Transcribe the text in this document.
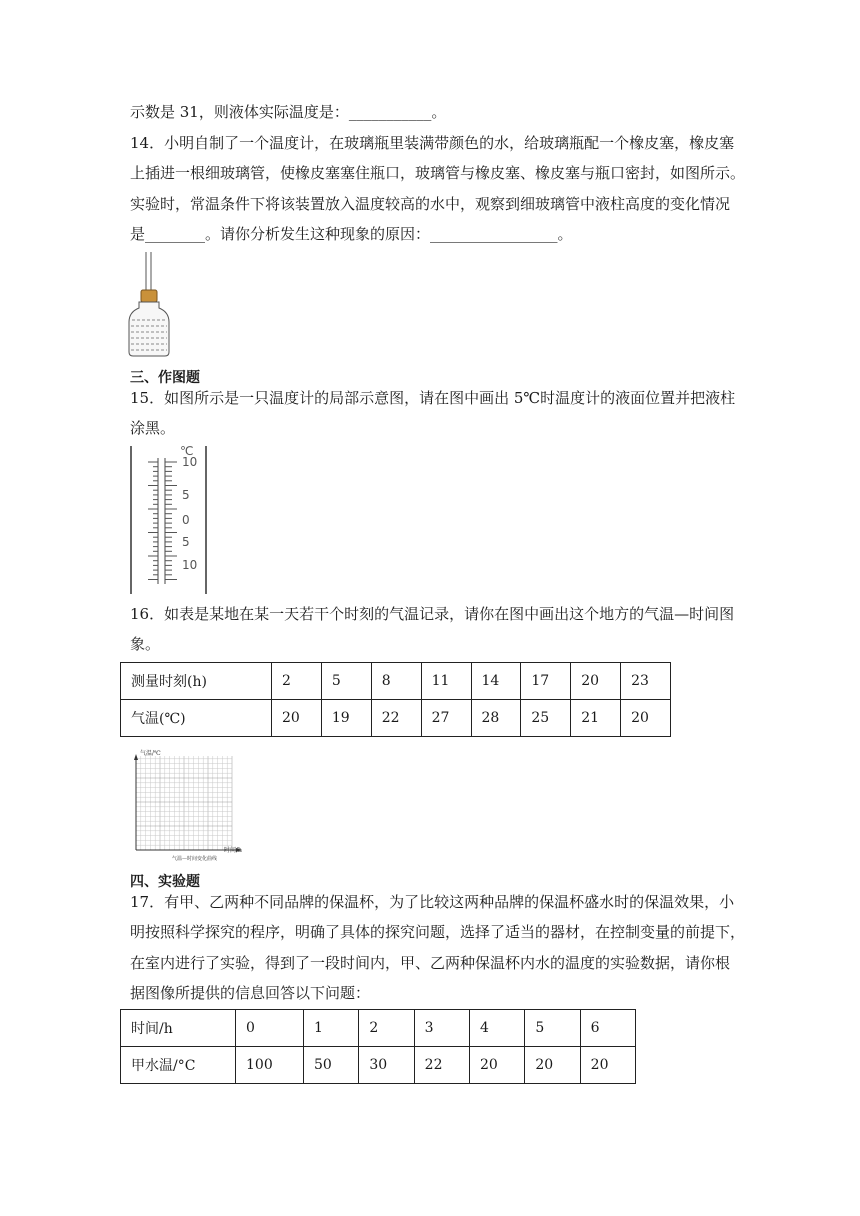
示数是 31，则液体实际温度是：___________。
14．小明自制了一个温度计，在玻璃瓶里装满带颜色的水，给玻璃瓶配一个橡皮塞，橡皮塞
上插进一根细玻璃管，使橡皮塞塞住瓶口，玻璃管与橡皮塞、橡皮塞与瓶口密封，如图所示。
实验时，常温条件下将该装置放入温度较高的水中，观察到细玻璃管中液柱高度的变化情况
是________。请你分析发生这种现象的原因：_________________。
三、作图题
15．如图所示是一只温度计的局部示意图，请在图中画出 5℃时温度计的液面位置并把液柱
涂黑。
℃
10
5
0
5
10
16．如表是某地在某一天若干个时刻的气温记录，请你在图中画出这个地方的气温—时间图
象。
测量时刻(h)	2	5	8	11	14	17	20	23
气温(℃)	20	19	22	27	28	25	21	20
气温/℃
时间/h
气温—时间变化曲线
四、实验题
17．有甲、乙两种不同品牌的保温杯，为了比较这两种品牌的保温杯盛水时的保温效果，小
明按照科学探究的程序，明确了具体的探究问题，选择了适当的器材，在控制变量的前提下，
在室内进行了实验，得到了一段时间内，甲、乙两种保温杯内水的温度的实验数据，请你根
据图像所提供的信息回答以下问题：
时间/h	0	1	2	3	4	5	6
甲水温/°C	100	50	30	22	20	20	20
